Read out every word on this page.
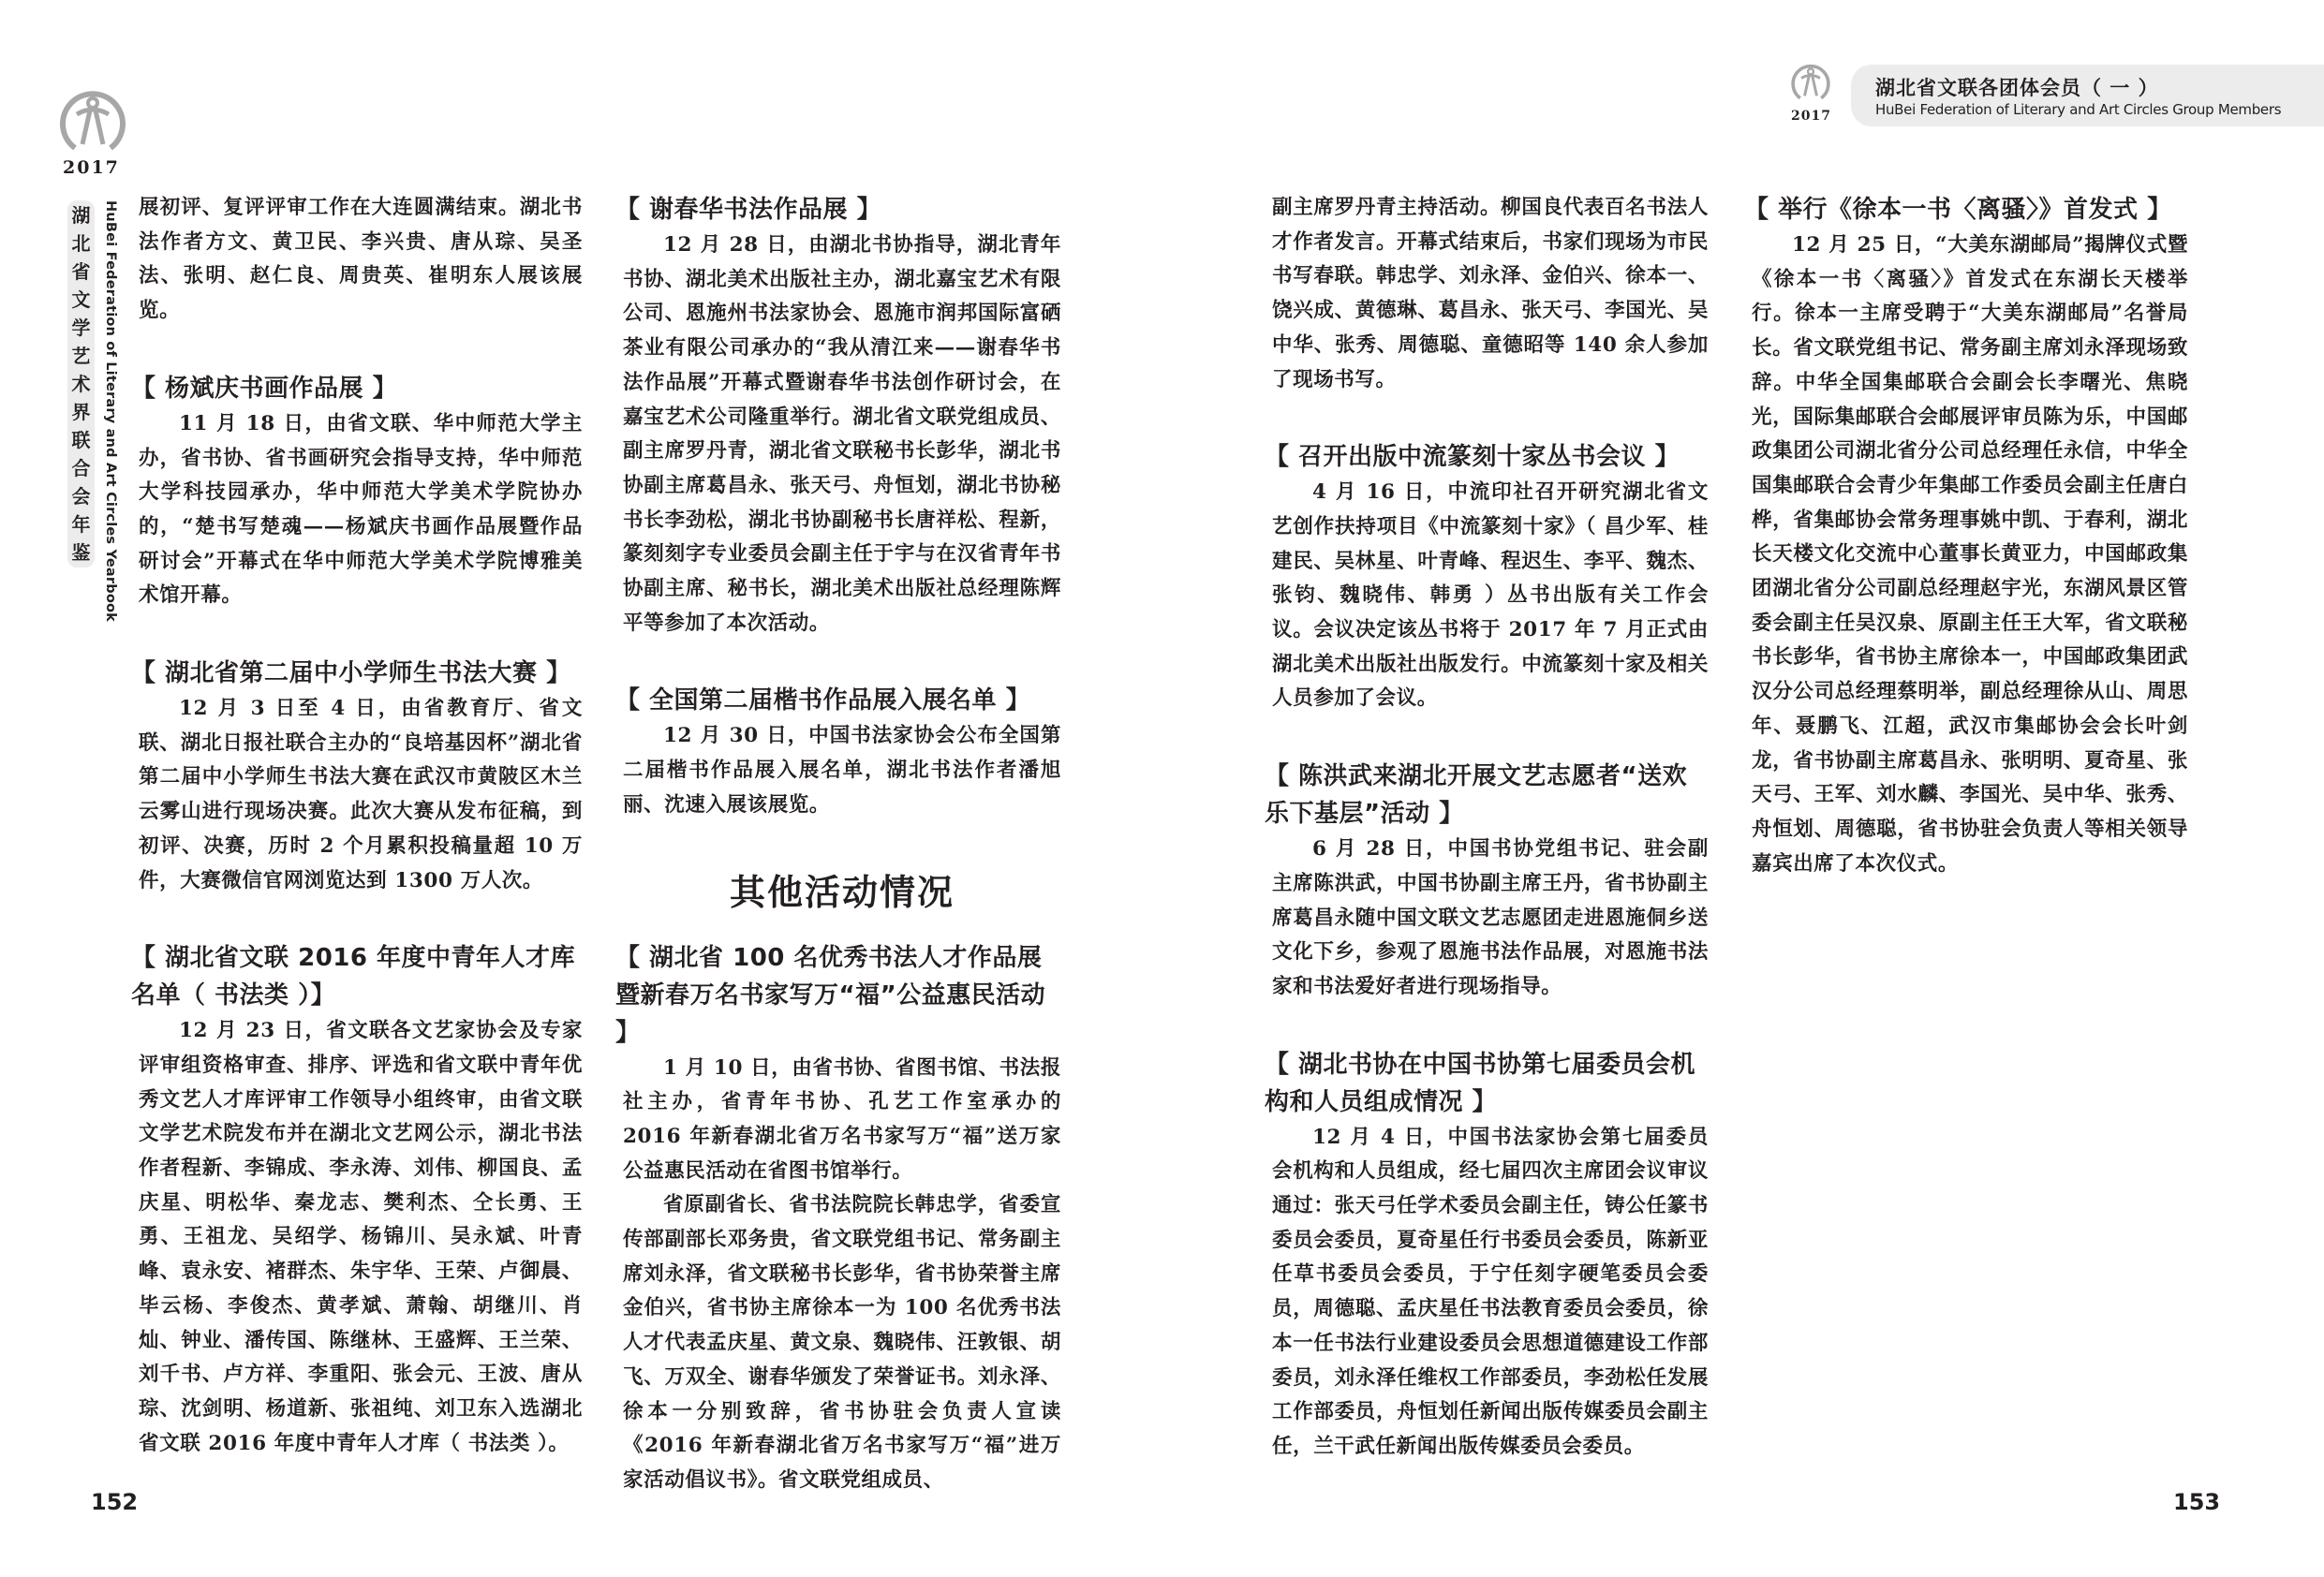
2017
湖
北
省
文
学
艺
术
界
联
合
会
年
鉴 HuBei Federation of Literary and Art Circles Yearbook 展初评、复评评审工作在大连圆满结束。湖北书法作者方文、黄卫民、李兴贵、唐从琮、吴圣法、张明、赵仁良、周贵英、崔明东人展该展览。

【 杨斌庆书画作品展 】

11 月 18 日，由省文联、华中师范大学主办，省书协、省书画研究会指导支持，华中师范大学科技园承办，华中师范大学美术学院协办的，“楚书写楚魂——杨斌庆书画作品展暨作品研讨会”开幕式在华中师范大学美术学院博雅美术馆开幕。

【 湖北省第二届中小学师生书法大赛 】

12 月 3 日至 4 日，由省教育厅、省文联、湖北日报社联合主办的“良培基因杯”湖北省第二届中小学师生书法大赛在武汉市黄陂区木兰云雾山进行现场决赛。此次大赛从发布征稿，到初评、决赛，历时 2 个月累积投稿量超 10 万件，大赛微信官网浏览达到 1300 万人次。

【 湖北省文联 2016 年度中青年人才库名单（ 书法类 ）】

12 月 23 日，省文联各文艺家协会及专家评审组资格审查、排序、评选和省文联中青年优秀文艺人才库评审工作领导小组终审，由省文联文学艺术院发布并在湖北文艺网公示，湖北书法作者程新、李锦成、李永涛、刘伟、柳国良、孟庆星、明松华、秦龙志、樊利杰、仝长勇、王勇、王祖龙、吴绍学、杨锦川、吴永斌、叶青峰、袁永安、褚群杰、朱宇华、王荣、卢御晨、毕云杨、李俊杰、黄孝斌、萧翰、胡继川、肖灿、钟业、潘传国、陈继林、王盛辉、王兰荣、刘千书、卢方祥、李重阳、张会元、王波、唐从琮、沈剑明、杨道新、张祖纯、刘卫东入选湖北省文联 2016 年度中青年人才库（ 书法类 ）。

【 谢春华书法作品展 】

12 月 28 日，由湖北书协指导，湖北青年书协、湖北美术出版社主办，湖北嘉宝艺术有限公司、恩施州书法家协会、恩施市润邦国际富硒茶业有限公司承办的“我从清江来——谢春华书法作品展”开幕式暨谢春华书法创作研讨会，在嘉宝艺术公司隆重举行。湖北省文联党组成员、副主席罗丹青，湖北省文联秘书长彭华，湖北书协副主席葛昌永、张天弓、舟恒划，湖北书协秘书长李劲松，湖北书协副秘书长唐祥松、程新，篆刻刻字专业委员会副主任于宇与在汉省青年书协副主席、秘书长，湖北美术出版社总经理陈辉平等参加了本次活动。

【 全国第二届楷书作品展入展名单 】

12 月 30 日，中国书法家协会公布全国第二届楷书作品展入展名单，湖北书法作者潘旭丽、沈速入展该展览。

其他活动情况
【 湖北省 100 名优秀书法人才作品展暨新春万名书家写万“福”公益惠民活动 】

1 月 10 日，由省书协、省图书馆、书法报社主办，省青年书协、孔艺工作室承办的 2016 年新春湖北省万名书家写万“福”送万家公益惠民活动在省图书馆举行。

省原副省长、省书法院院长韩忠学，省委宣传部副部长邓务贵，省文联党组书记、常务副主席刘永泽，省文联秘书长彭华，省书协荣誉主席金伯兴，省书协主席徐本一为 100 名优秀书法人才代表孟庆星、黄文泉、魏晓伟、汪敦银、胡飞、万双全、谢春华颁发了荣誉证书。刘永泽、徐本一分别致辞，省书协驻会负责人宣读《2016 年新春湖北省万名书家写万“福”进万家活动倡议书》。省文联党组成员、

152
2017
湖北省文联各团体会员（ 一 ）
HuBei Federation of Literary and Art Circles Group Members

副主席罗丹青主持活动。柳国良代表百名书法人才作者发言。开幕式结束后，书家们现场为市民书写春联。韩忠学、刘永泽、金伯兴、徐本一、饶兴成、黄德琳、葛昌永、张天弓、李国光、吴中华、张秀、周德聪、童德昭等 140 余人参加了现场书写。

【 召开出版中流篆刻十家丛书会议 】

4 月 16 日，中流印社召开研究湖北省文艺创作扶持项目《中流篆刻十家》（ 昌少军、桂建民、吴林星、叶青峰、程迟生、李平、魏杰、张钧、魏晓伟、韩勇 ）丛书出版有关工作会议。会议决定该丛书将于 2017 年 7 月正式由湖北美术出版社出版发行。中流篆刻十家及相关人员参加了会议。

【 陈洪武来湖北开展文艺志愿者“送欢乐下基层”活动 】

6 月 28 日，中国书协党组书记、驻会副主席陈洪武，中国书协副主席王丹，省书协副主席葛昌永随中国文联文艺志愿团走进恩施侗乡送文化下乡，参观了恩施书法作品展，对恩施书法家和书法爱好者进行现场指导。

【 湖北书协在中国书协第七届委员会机构和人员组成情况 】

12 月 4 日，中国书法家协会第七届委员会机构和人员组成，经七届四次主席团会议审议通过：张天弓任学术委员会副主任，铸公任篆书委员会委员，夏奇星任行书委员会委员，陈新亚任草书委员会委员，于宁任刻字硬笔委员会委员，周德聪、孟庆星任书法教育委员会委员，徐本一任书法行业建设委员会思想道德建设工作部委员，刘永泽任维权工作部委员，李劲松任发展工作部委员，舟恒划任新闻出版传媒委员会副主任，兰干武任新闻出版传媒委员会委员。

【 举行《徐本一书〈离骚〉》首发式 】

12 月 25 日，“大美东湖邮局”揭牌仪式暨《徐本一书〈离骚〉》首发式在东湖长天楼举行。徐本一主席受聘于“大美东湖邮局”名誉局长。省文联党组书记、常务副主席刘永泽现场致辞。中华全国集邮联合会副会长李曙光、焦晓光，国际集邮联合会邮展评审员陈为乐，中国邮政集团公司湖北省分公司总经理任永信，中华全国集邮联合会青少年集邮工作委员会副主任唐白桦，省集邮协会常务理事姚中凯、于春利，湖北长天楼文化交流中心董事长黄亚力，中国邮政集团湖北省分公司副总经理赵宇光，东湖风景区管委会副主任吴汉泉、原副主任王大军，省文联秘书长彭华，省书协主席徐本一，中国邮政集团武汉分公司总经理蔡明举，副总经理徐从山、周思年、聂鹏飞、江超，武汉市集邮协会会长叶剑龙，省书协副主席葛昌永、张明明、夏奇星、张天弓、王军、刘水麟、李国光、吴中华、张秀、舟恒划、周德聪，省书协驻会负责人等相关领导嘉宾出席了本次仪式。

153
